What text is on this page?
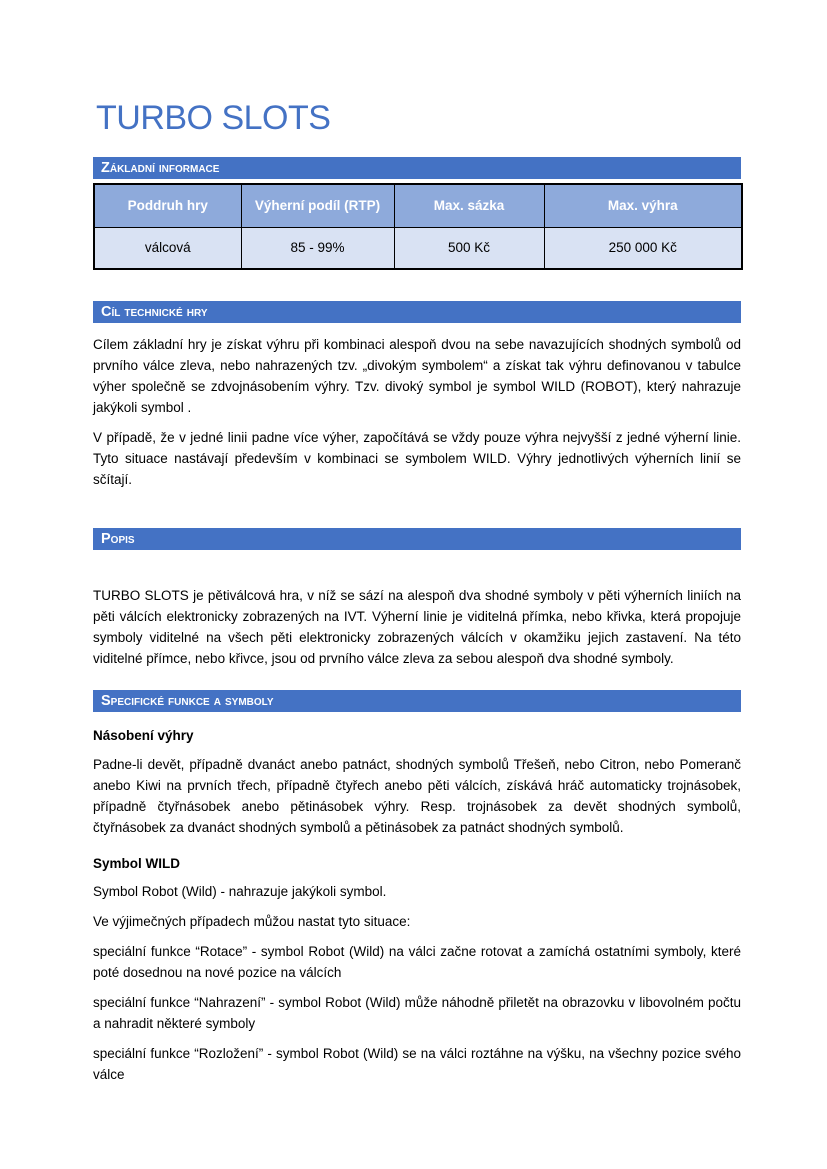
TURBO SLOTS
Základní informace
Poddruh hry	Výherní podíl (RTP)	Max. sázka	Max. výhra
válcová	85 - 99%	500 Kč	250 000 Kč
Cíl technické hry

Cílem základní hry je získat výhru při kombinaci alespoň dvou na sebe navazujících shodných symbolů od prvního válce zleva, nebo nahrazených tzv. „divokým symbolem“ a získat tak výhru definovanou v tabulce výher společně se zdvojnásobením výhry. Tzv. divoký symbol je symbol WILD (ROBOT), který nahrazuje jakýkoli symbol .

V případě, že v jedné linii padne více výher, započítává se vždy pouze výhra nejvyšší z jedné výherní linie. Tyto situace nastávají především v kombinaci se symbolem WILD. Výhry jednotlivých výherních linií se sčítají.

Popis

TURBO SLOTS je pětiválcová hra, v níž se sází na alespoň dva shodné symboly v pěti výherních liniích na pěti válcích elektronicky zobrazených na IVT. Výherní linie je viditelná přímka, nebo křivka, která propojuje symboly viditelné na všech pěti elektronicky zobrazených válcích v okamžiku jejich zastavení. Na této viditelné přímce, nebo křivce, jsou od prvního válce zleva za sebou alespoň dva shodné symboly.

Specifické funkce a symboly
Násobení výhry

Padne-li devět, případně dvanáct anebo patnáct, shodných symbolů Třešeň, nebo Citron, nebo Pomeranč anebo Kiwi na prvních třech, případně čtyřech anebo pěti válcích, získává hráč automaticky trojnásobek, případně čtyřnásobek anebo pětinásobek výhry. Resp. trojnásobek za devět shodných symbolů, čtyřnásobek za dvanáct shodných symbolů a pětinásobek za patnáct shodných symbolů.

Symbol WILD

Symbol Robot (Wild) - nahrazuje jakýkoli symbol.

Ve výjimečných případech můžou nastat tyto situace:

speciální funkce “Rotace” - symbol Robot (Wild) na válci začne rotovat a zamíchá ostatními symboly, které poté dosednou na nové pozice na válcích

speciální funkce “Nahrazení” - symbol Robot (Wild) může náhodně přiletět na obrazovku v libovolném počtu a nahradit některé symboly

speciální funkce “Rozložení” - symbol Robot (Wild) se na válci roztáhne na výšku, na všechny pozice svého válce
